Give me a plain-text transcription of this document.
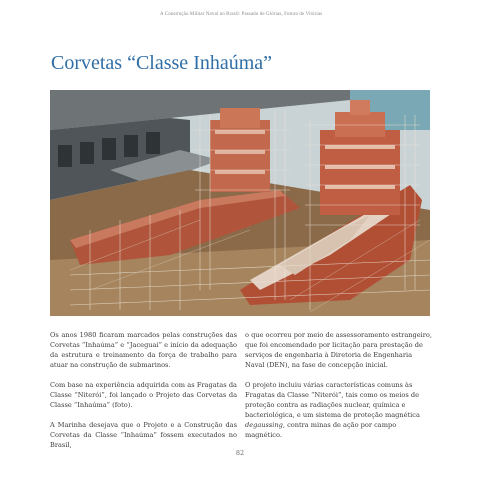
A Construção Militar Naval no Brasil: Passado de Glórias, Futuro de Vitórias
Corvetas “Classe Inhaúma”

Os anos 1980 ficaram marcados pelas construções das Corvetas “Inhaúma” e “Jaceguai” e início da adequação da estrutura e treinamento da força de trabalho para atuar na construção de submarinos.

Com base na experiência adquirida com as Fragatas da Classe “Niterói”, foi lançado o Projeto das Corvetas da Classe “Inhaúma” (foto).

A Marinha desejava que o Projeto e a Construção das Corvetas da Classe “Inhaúma” fossem executados no Brasil,

o que ocorreu por meio de assessoramento estrangeiro, que foi encomendado por licitação para prestação de serviços de engenharia à Diretoria de Engenharia Naval (DEN), na fase de concepção inicial.

O projeto incluiu várias características comuns às Fragatas da Classe “Niterói”, tais como os meios de proteção contra as radiações nuclear, química e bacteriológica, e um sistema de proteção magnética degaussing, contra minas de ação por campo magnético.

82
